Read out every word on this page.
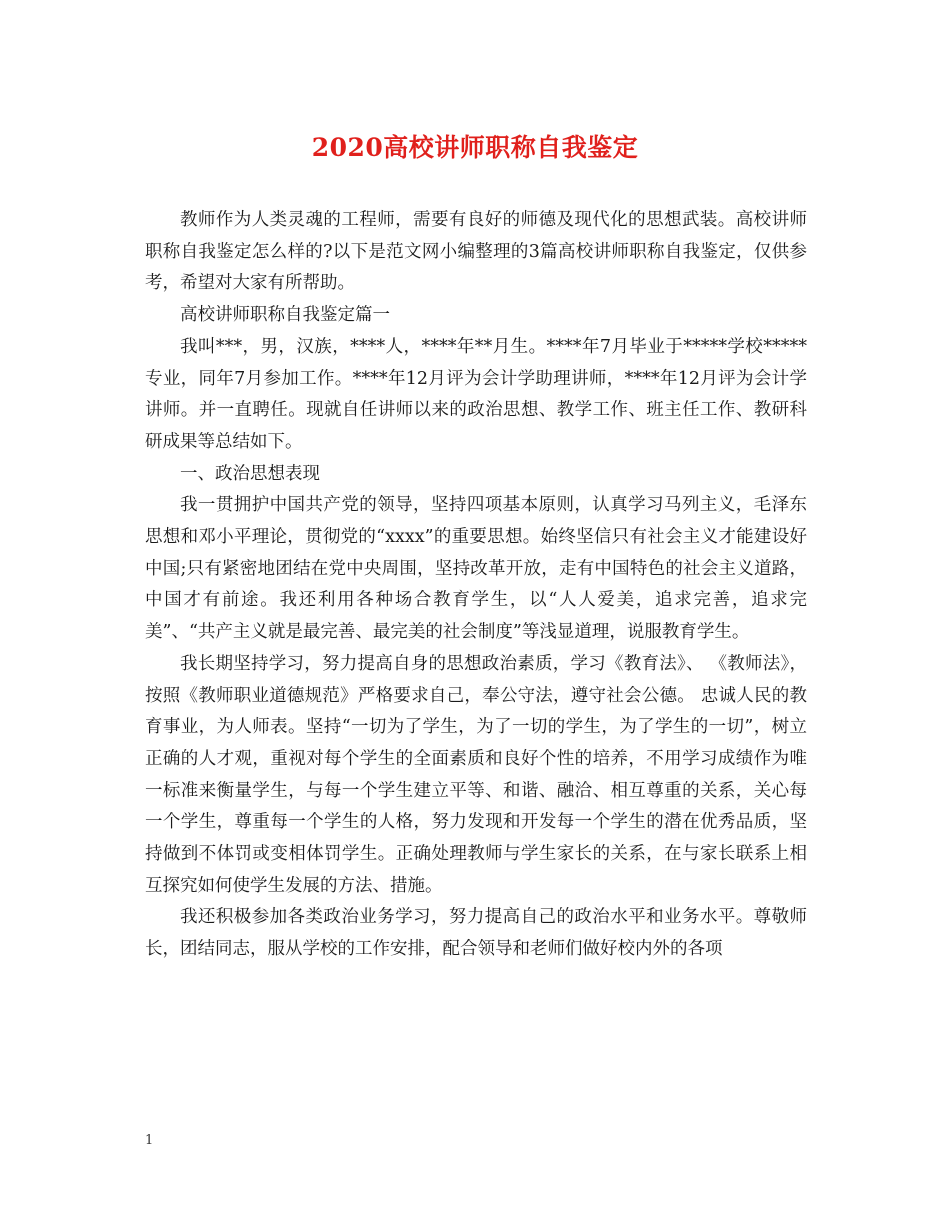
2020高校讲师职称自我鉴定

教师作为人类灵魂的工程师，需要有良好的师德及现代化的思想武装。高校讲师职称自我鉴定怎么样的?以下是范文网小编整理的3篇高校讲师职称自我鉴定，仅供参考，希望对大家有所帮助。

高校讲师职称自我鉴定篇一

我叫***，男，汉族，****人，****年**月生。****年7月毕业于*****学校*****专业，同年7月参加工作。****年12月评为会计学助理讲师，****年12月评为会计学讲师。并一直聘任。现就自任讲师以来的政治思想、教学工作、班主任工作、教研科研成果等总结如下。

一、政治思想表现

我一贯拥护中国共产党的领导，坚持四项基本原则，认真学习马列主义，毛泽东思想和邓小平理论，贯彻党的“xxxx”的重要思想。始终坚信只有社会主义才能建设好中国;只有紧密地团结在党中央周围，坚持改革开放，走有中国特色的社会主义道路，中国才有前途。我还利用各种场合教育学生，以“人人爱美，追求完善，追求完美”、“共产主义就是最完善、最完美的社会制度”等浅显道理，说服教育学生。

我长期坚持学习，努力提高自身的思想政治素质，学习《教育法》、 《教师法》，按照《教师职业道德规范》严格要求自己，奉公守法，遵守社会公德。 忠诚人民的教育事业，为人师表。坚持“一切为了学生，为了一切的学生，为了学生的一切”，树立正确的人才观，重视对每个学生的全面素质和良好个性的培养，不用学习成绩作为唯一标准来衡量学生，与每一个学生建立平等、和谐、融洽、相互尊重的关系，关心每一个学生，尊重每一个学生的人格，努力发现和开发每一个学生的潜在优秀品质，坚持做到不体罚或变相体罚学生。正确处理教师与学生家长的关系，在与家长联系上相互探究如何使学生发展的方法、措施。

我还积极参加各类政治业务学习，努力提高自己的政治水平和业务水平。尊敬师长，团结同志，服从学校的工作安排，配合领导和老师们做好校内外的各项

1
